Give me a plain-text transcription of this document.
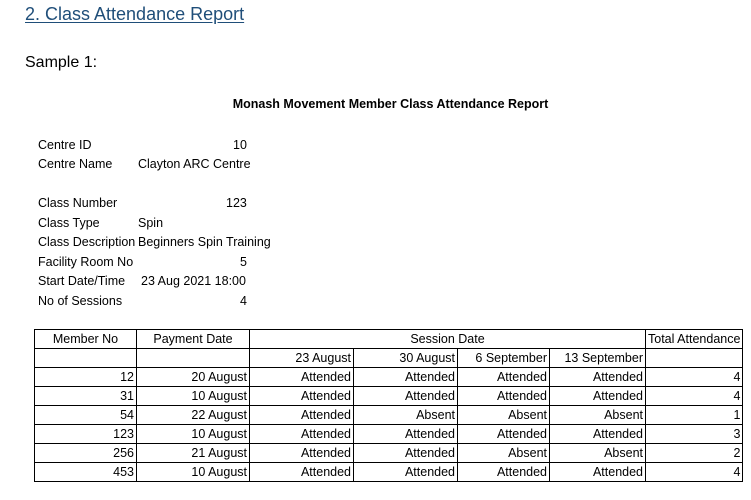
2. Class Attendance Report
Sample 1:
Monash Movement Member Class Attendance Report
Centre ID	10
Centre Name Clayton ARC Centre
Class Number	123
Class Type	Spin
Class Description Beginners Spin Training
Facility Room No	5
Start Date/Time 23 Aug 2021 18:00
No of Sessions	4
Member No	Payment Date	Session Date				Total Attendance
		23 August	30 August	6 September	13 September	
12	20 August	Attended	Attended	Attended	Attended	4
31	10 August	Attended	Attended	Attended	Attended	4
54	22 August	Attended	Absent	Absent	Absent	1
123	10 August	Attended	Attended	Attended	Attended	3
256	21 August	Attended	Attended	Absent	Absent	2
453	10 August	Attended	Attended	Attended	Attended	4
